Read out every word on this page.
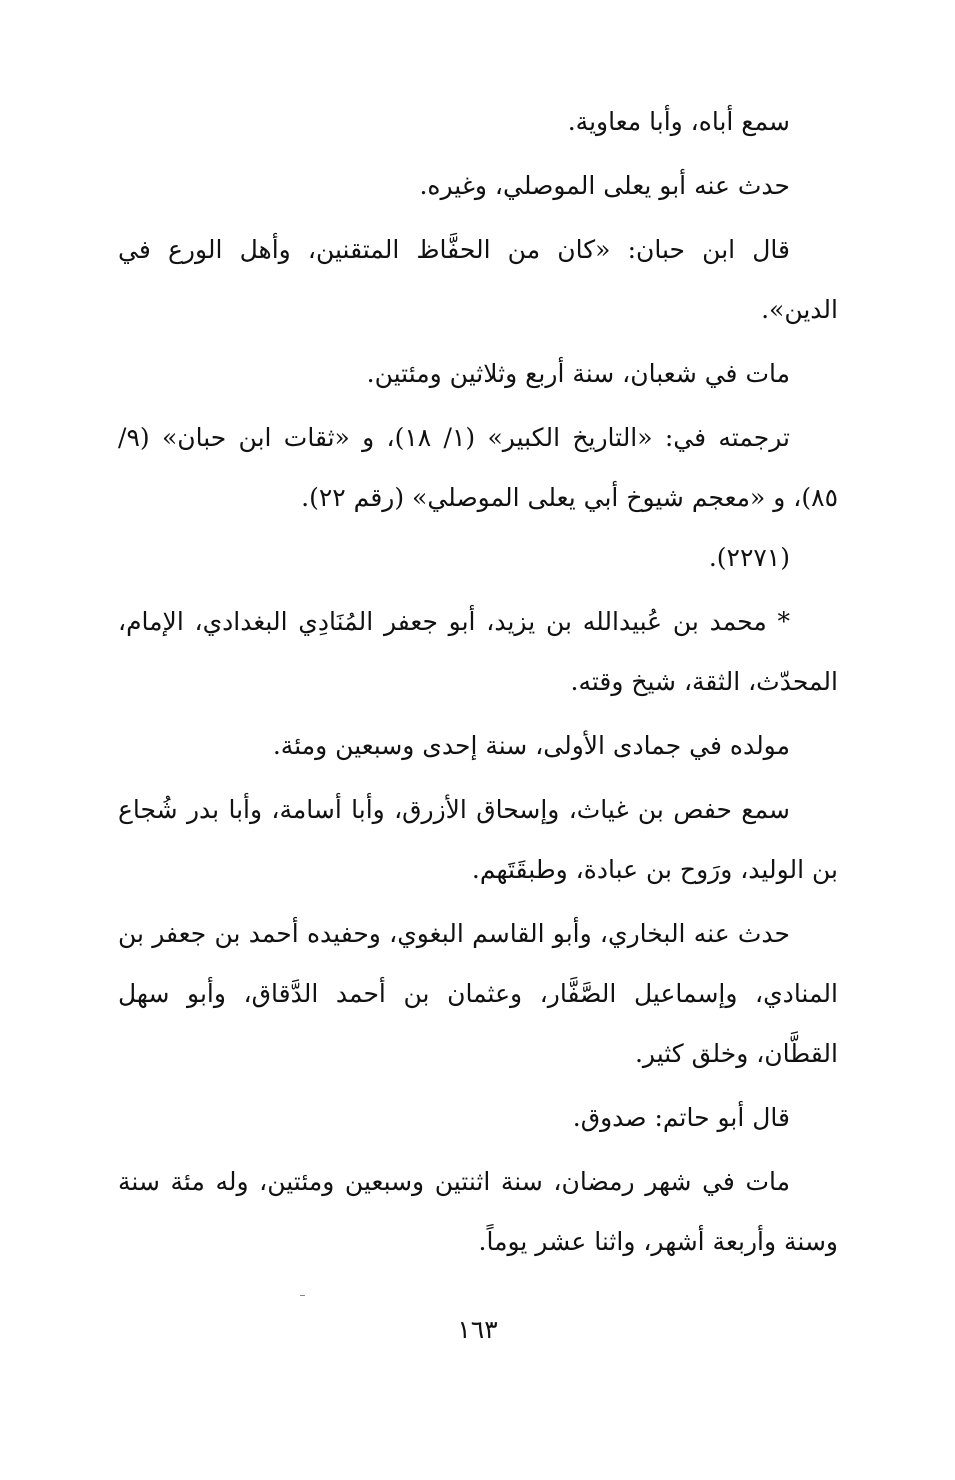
سمع أباه، وأبا معاوية.

حدث عنه أبو يعلى الموصلي، وغيره.

قال ابن حبان: «كان من الحفَّاظ المتقنين، وأهل الورع في الدين».

مات في شعبان، سنة أربع وثلاثين ومئتين.

ترجمته في: «التاريخ الكبير» (١/ ١٨)، و «ثقات ابن حبان» (٩/ ٨٥)، و «معجم شيوخ أبي يعلى الموصلي» (رقم ٢٢).

(٢٢٧١).

* محمد بن عُبيدالله بن يزيد، أبو جعفر المُنَادِي البغدادي، الإمام، المحدّث، الثقة، شيخ وقته.

مولده في جمادى الأولى، سنة إحدى وسبعين ومئة.

سمع حفص بن غياث، وإسحاق الأزرق، وأبا أسامة، وأبا بدر شُجاع بن الوليد، ورَوح بن عبادة، وطبقَتَهم.

حدث عنه البخاري، وأبو القاسم البغوي، وحفيده أحمد بن جعفر بن المنادي، وإسماعيل الصَّفَّار، وعثمان بن أحمد الدَّقاق، وأبو سهل القطَّان، وخلق كثير.

قال أبو حاتم: صدوق.

مات في شهر رمضان، سنة اثنتين وسبعين ومئتين، وله مئة سنة وسنة وأربعة أشهر، واثنا عشر يوماً.

١٦٣
